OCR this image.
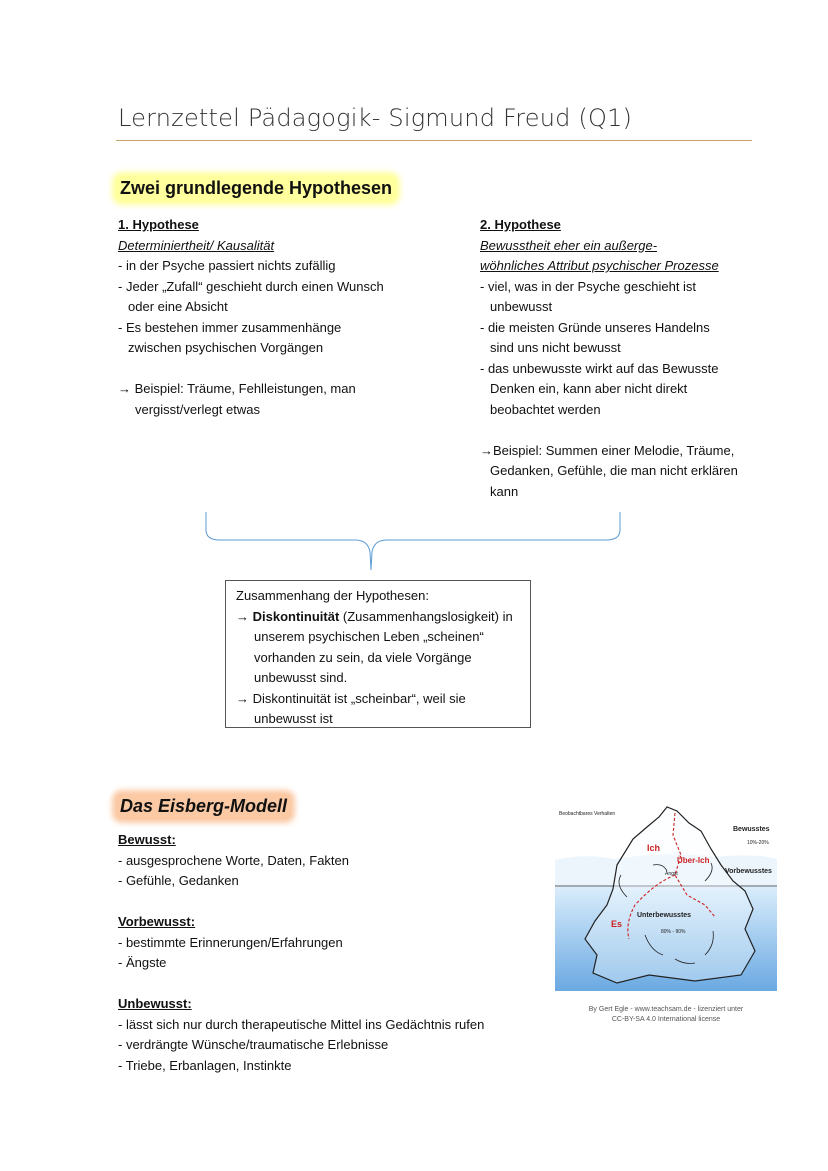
Lernzettel Pädagogik- Sigmund Freud (Q1)
Zwei grundlegende Hypothesen
1. Hypothese
Determiniertheit/ Kausalität
- in der Psyche passiert nichts zufällig
- Jeder „Zufall“ geschieht durch einen Wunsch
oder eine Absicht
- Es bestehen immer zusammenhänge
zwischen psychischen Vorgängen
→ Beispiel: Träume, Fehlleistungen, man
vergisst/verlegt etwas
2. Hypothese
Bewusstheit eher ein außerge-
wöhnliches Attribut psychischer Prozesse
- viel, was in der Psyche geschieht ist
unbewusst
- die meisten Gründe unseres Handelns
sind uns nicht bewusst
- das unbewusste wirkt auf das Bewusste
Denken ein, kann aber nicht direkt
beobachtet werden
→Beispiel: Summen einer Melodie, Träume,
Gedanken, Gefühle, die man nicht erklären
kann
Zusammenhang der Hypothesen:
→ Diskontinuität (Zusammenhangslosigkeit) in
unserem psychischen Leben „scheinen“
vorhanden zu sein, da viele Vorgänge
unbewusst sind.
→ Diskontinuität ist „scheinbar“, weil sie
unbewusst ist
Das Eisberg-Modell
Bewusst:
- ausgesprochene Worte, Daten, Fakten
- Gefühle, Gedanken
Vorbewusst:
- bestimmte Erinnerungen/Erfahrungen
- Ängste
Unbewusst:
- lässt sich nur durch therapeutische Mittel ins Gedächtnis rufen
- verdrängte Wünsche/traumatische Erlebnisse
- Triebe, Erbanlagen, Instinkte
Beobachtbares Verhalten
Bewusstes
10%-20%
Ich
Über-Ich
Angst	Vorbewusstes
Unterbewusstes
Es
80% - 90%
By Gert Egle - www.teachsam.de - lizenziert unter
CC-BY-SA 4.0 International license
